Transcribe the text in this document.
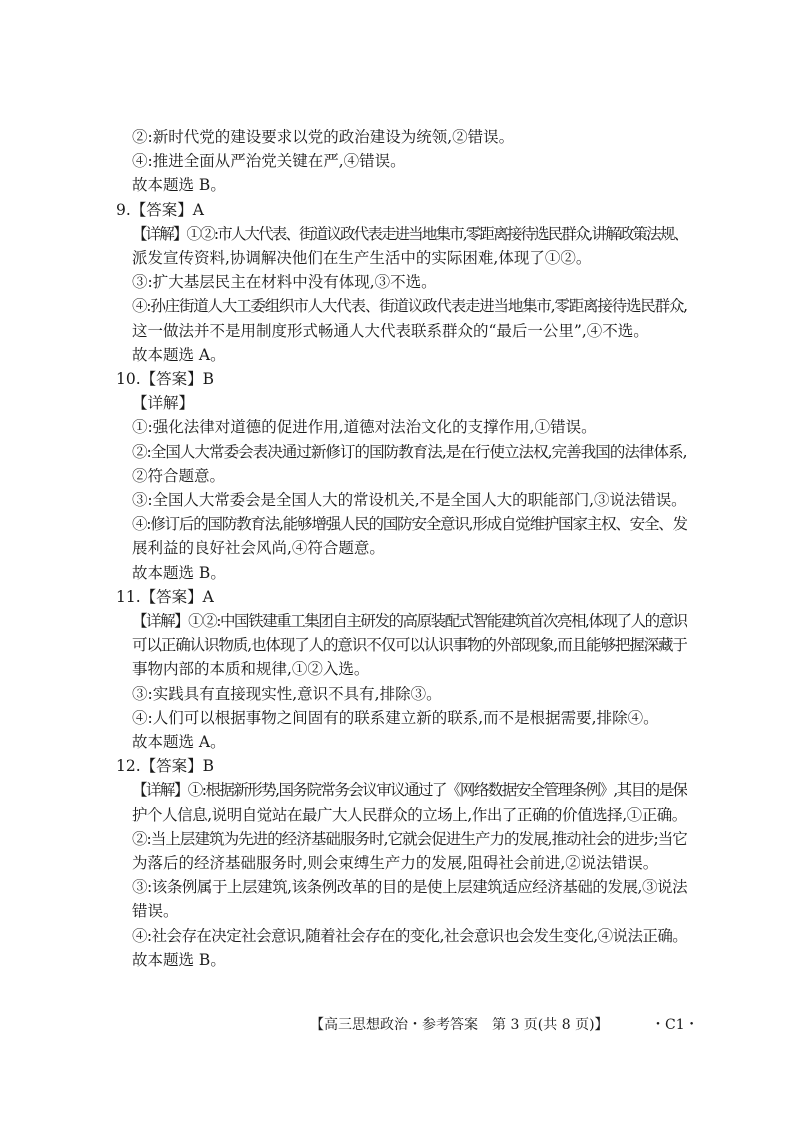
②:新时代党的建设要求以党的政治建设为统领,②错误。
④:推进全面从严治党关键在严,④错误。
故本题选 B。
9.【答案】A
【详解】①②:市人大代表、街道议政代表走进当地集市,零距离接待选民群众,讲解政策法规、
派发宣传资料,协调解决他们在生产生活中的实际困难,体现了①②。
③:扩大基层民主在材料中没有体现,③不选。
④:孙庄街道人大工委组织市人大代表、街道议政代表走进当地集市,零距离接待选民群众,
这一做法并不是用制度形式畅通人大代表联系群众的“最后一公里”,④不选。
故本题选 A。
10.【答案】B
【详解】
①:强化法律对道德的促进作用,道德对法治文化的支撑作用,①错误。
②:全国人大常委会表决通过新修订的国防教育法,是在行使立法权,完善我国的法律体系,
②符合题意。
③:全国人大常委会是全国人大的常设机关,不是全国人大的职能部门,③说法错误。
④:修订后的国防教育法,能够增强人民的国防安全意识,形成自觉维护国家主权、安全、发
展利益的良好社会风尚,④符合题意。
故本题选 B。
11.【答案】A
【详解】①②:中国铁建重工集团自主研发的高原装配式智能建筑首次亮相,体现了人的意识
可以正确认识物质,也体现了人的意识不仅可以认识事物的外部现象,而且能够把握深藏于
事物内部的本质和规律,①②入选。
③:实践具有直接现实性,意识不具有,排除③。
④:人们可以根据事物之间固有的联系建立新的联系,而不是根据需要,排除④。
故本题选 A。
12.【答案】B
【详解】①:根据新形势,国务院常务会议审议通过了《网络数据安全管理条例》,其目的是保
护个人信息,说明自觉站在最广大人民群众的立场上,作出了正确的价值选择,①正确。
②:当上层建筑为先进的经济基础服务时,它就会促进生产力的发展,推动社会的进步;当它
为落后的经济基础服务时,则会束缚生产力的发展,阻碍社会前进,②说法错误。
③:该条例属于上层建筑,该条例改革的目的是使上层建筑适应经济基础的发展,③说法
错误。
④:社会存在决定社会意识,随着社会存在的变化,社会意识也会发生变化,④说法正确。
故本题选 B。
【高三思想政治・参考答案　第 3 页(共 8 页)】	・C1・
